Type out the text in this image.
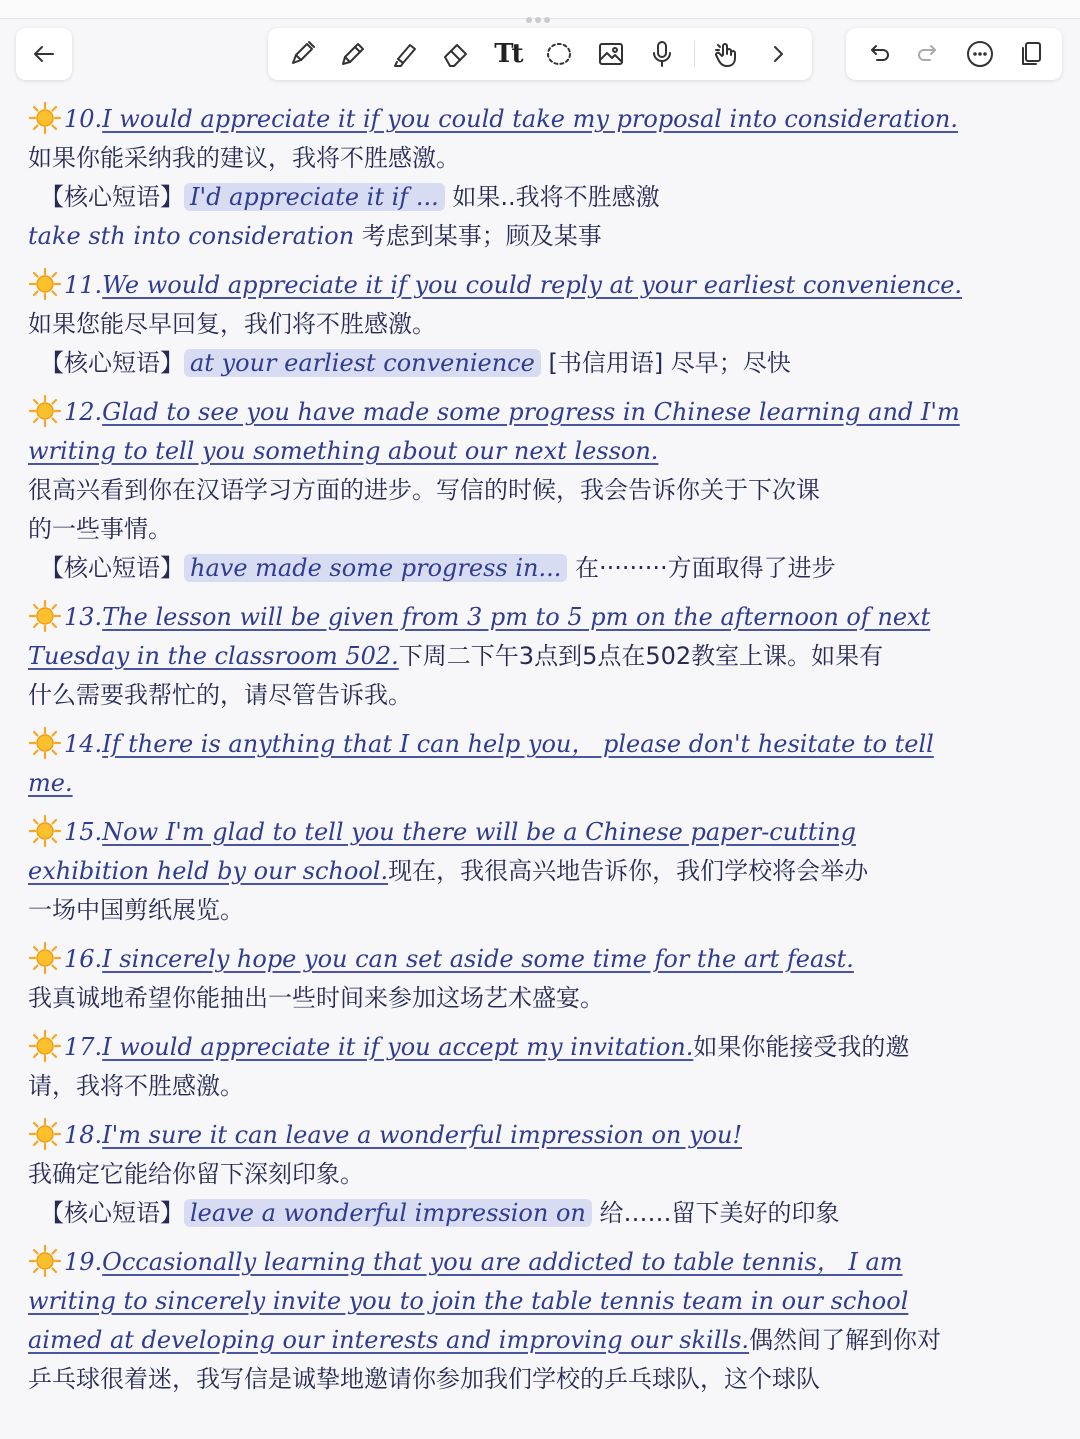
Tt
10.I would appreciate it if you could take my proposal into consideration.
如果你能采纳我的建议，我将不胜感激。
【核心短语】 I'd appreciate it if ... 如果..我将不胜感激
take sth into consideration 考虑到某事；顾及某事
11.We would appreciate it if you could reply at your earliest convenience.
如果您能尽早回复，我们将不胜感激。
【核心短语】 at your earliest convenience [书信用语] 尽早；尽快
12.Glad to see you have made some progress in Chinese learning and I'm
writing to tell you something about our next lesson.
很高兴看到你在汉语学习方面的进步。写信的时候，我会告诉你关于下次课
的一些事情。
【核心短语】 have made some progress in... 在·········方面取得了进步
13.The lesson will be given from 3 pm to 5 pm on the afternoon of next
Tuesday in the classroom 502.下周二下午3点到5点在502教室上课。如果有
什么需要我帮忙的，请尽管告诉我。
14.If there is anything that I can help you， please don't hesitate to tell
me.
15.Now I'm glad to tell you there will be a Chinese paper-cutting
exhibition held by our school.现在，我很高兴地告诉你，我们学校将会举办
一场中国剪纸展览。
16.I sincerely hope you can set aside some time for the art feast.
我真诚地希望你能抽出一些时间来参加这场艺术盛宴。
17.I would appreciate it if you accept my invitation.如果你能接受我的邀
请，我将不胜感激。
18.I'm sure it can leave a wonderful impression on you!
我确定它能给你留下深刻印象。
【核心短语】 leave a wonderful impression on 给……留下美好的印象
19.Occasionally learning that you are addicted to table tennis， I am
writing to sincerely invite you to join the table tennis team in our school
aimed at developing our interests and improving our skills.偶然间了解到你对
乒乓球很着迷，我写信是诚挚地邀请你参加我们学校的乒乓球队，这个球队
